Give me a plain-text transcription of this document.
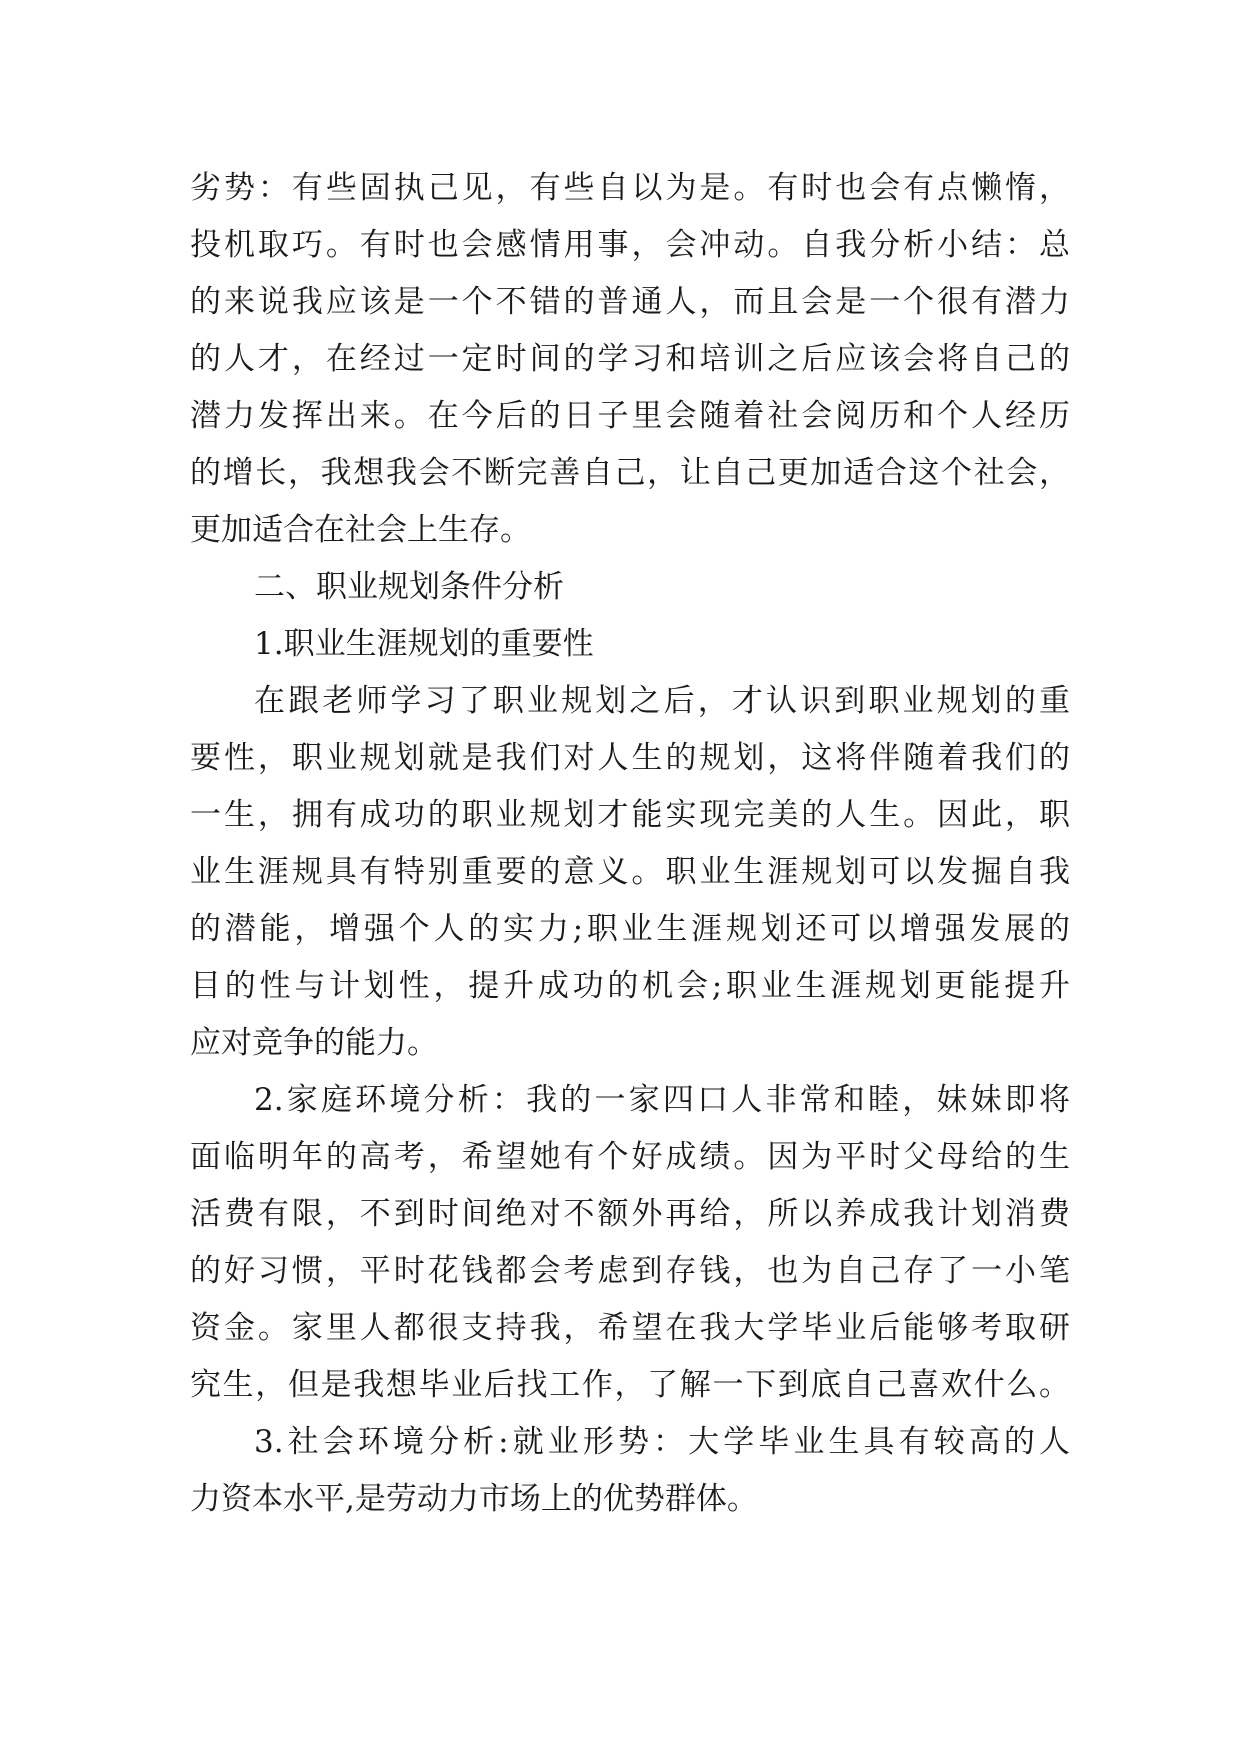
劣势：有些固执己见，有些自以为是。有时也会有点懒惰，
投机取巧。有时也会感情用事，会冲动。自我分析小结：总
的来说我应该是一个不错的普通人，而且会是一个很有潜力
的人才，在经过一定时间的学习和培训之后应该会将自己的
潜力发挥出来。在今后的日子里会随着社会阅历和个人经历
的增长，我想我会不断完善自己，让自己更加适合这个社会，
更加适合在社会上生存。
二、职业规划条件分析
1.职业生涯规划的重要性
在跟老师学习了职业规划之后，才认识到职业规划的重
要性，职业规划就是我们对人生的规划，这将伴随着我们的
一生，拥有成功的职业规划才能实现完美的人生。因此，职
业生涯规具有特别重要的意义。职业生涯规划可以发掘自我
的潜能，增强个人的实力;职业生涯规划还可以增强发展的
目的性与计划性，提升成功的机会;职业生涯规划更能提升
应对竞争的能力。
2.家庭环境分析：我的一家四口人非常和睦，妹妹即将
面临明年的高考，希望她有个好成绩。因为平时父母给的生
活费有限，不到时间绝对不额外再给，所以养成我计划消费
的好习惯，平时花钱都会考虑到存钱，也为自己存了一小笔
资金。家里人都很支持我，希望在我大学毕业后能够考取研
究生，但是我想毕业后找工作，了解一下到底自己喜欢什么。
3.社会环境分析:就业形势：大学毕业生具有较高的人
力资本水平,是劳动力市场上的优势群体。
